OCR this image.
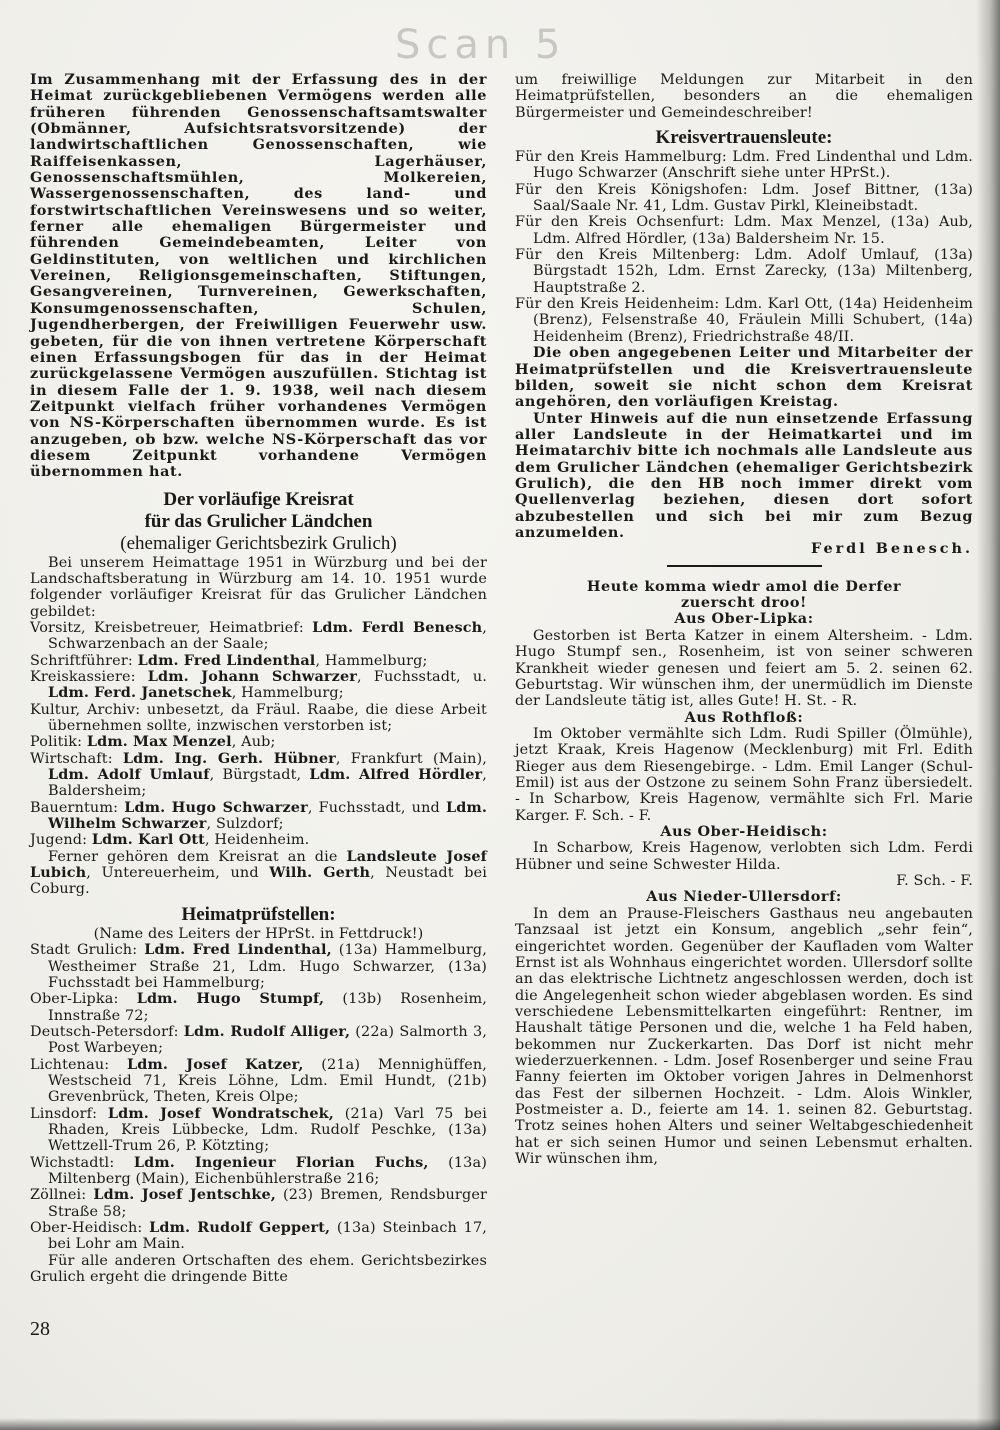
Scan 5

Im Zusammenhang mit der Erfassung des in der Heimat zurückgebliebenen Vermögens werden alle früheren führenden Genossenschaftsamtswalter (Obmänner, Aufsichtsratsvorsitzende) der landwirtschaftlichen Genossenschaften, wie Raiffeisenkassen, Lagerhäuser, Genossenschaftsmühlen, Molkereien, Wassergenossenschaften, des land- und forstwirtschaftlichen Vereinswesens und so weiter, ferner alle ehemaligen Bürgermeister und führenden Gemeindebeamten, Leiter von Geldinstituten, von weltlichen und kirchlichen Vereinen, Religionsgemeinschaften, Stiftungen, Gesangvereinen, Turnvereinen, Gewerkschaften, Konsumgenossenschaften, Schulen, Jugendherbergen, der Freiwilligen Feuerwehr usw. gebeten, für die von ihnen vertretene Körperschaft einen Erfassungsbogen für das in der Heimat zurückgelassene Vermögen auszufüllen. Stichtag ist in diesem Falle der 1. 9. 1938, weil nach diesem Zeitpunkt vielfach früher vorhandenes Vermögen von NS-Körperschaften übernommen wurde. Es ist anzugeben, ob bzw. welche NS-Körperschaft das vor diesem Zeitpunkt vorhandene Vermögen übernommen hat.

Der vorläufige Kreisrat
für das Grulicher Ländchen
(ehemaliger Gerichtsbezirk Grulich)

Bei unserem Heimattage 1951 in Würzburg und bei der Landschaftsberatung in Würzburg am 14. 10. 1951 wurde folgender vorläufiger Kreisrat für das Grulicher Ländchen gebildet:

Vorsitz, Kreisbetreuer, Heimatbrief: Ldm. Ferdl Benesch, Schwarzenbach an der Saale;

Schriftführer: Ldm. Fred Lindenthal, Hammelburg;

Kreiskassiere: Ldm. Johann Schwarzer, Fuchsstadt, u. Ldm. Ferd. Janetschek, Hammelburg;

Kultur, Archiv: unbesetzt, da Fräul. Raabe, die diese Arbeit übernehmen sollte, inzwischen verstorben ist;

Politik: Ldm. Max Menzel, Aub;

Wirtschaft: Ldm. Ing. Gerh. Hübner, Frankfurt (Main), Ldm. Adolf Umlauf, Bürgstadt, Ldm. Alfred Hördler, Baldersheim;

Bauerntum: Ldm. Hugo Schwarzer, Fuchsstadt, und Ldm. Wilhelm Schwarzer, Sulzdorf;

Jugend: Ldm. Karl Ott, Heidenheim.

Ferner gehören dem Kreisrat an die Landsleute Josef Lubich, Untereuerheim, und Wilh. Gerth, Neustadt bei Coburg.

Heimatprüfstellen:

(Name des Leiters der HPrSt. in Fettdruck!)

Stadt Grulich: Ldm. Fred Lindenthal, (13a) Hammelburg, Westheimer Straße 21, Ldm. Hugo Schwarzer, (13a) Fuchsstadt bei Hammelburg;

Ober-Lipka: Ldm. Hugo Stumpf, (13b) Rosenheim, Innstraße 72;

Deutsch-Petersdorf: Ldm. Rudolf Alliger, (22a) Salmorth 3, Post Warbeyen;

Lichtenau: Ldm. Josef Katzer, (21a) Mennighüffen, Westscheid 71, Kreis Löhne, Ldm. Emil Hundt, (21b) Grevenbrück, Theten, Kreis Olpe;

Linsdorf: Ldm. Josef Wondratschek, (21a) Varl 75 bei Rhaden, Kreis Lübbecke, Ldm. Rudolf Peschke, (13a) Wettzell-Trum 26, P. Kötzting;

Wichstadtl: Ldm. Ingenieur Florian Fuchs, (13a) Miltenberg (Main), Eichenbühlerstraße 216;

Zöllnei: Ldm. Josef Jentschke, (23) Bremen, Rendsburger Straße 58;

Ober-Heidisch: Ldm. Rudolf Geppert, (13a) Steinbach 17, bei Lohr am Main.

Für alle anderen Ortschaften des ehem. Gerichtsbezirkes Grulich ergeht die dringende Bitte

um freiwillige Meldungen zur Mitarbeit in den Heimatprüfstellen, besonders an die ehemaligen Bürgermeister und Gemeindeschreiber!

Kreisvertrauensleute:

Für den Kreis Hammelburg: Ldm. Fred Lindenthal und Ldm. Hugo Schwarzer (Anschrift siehe unter HPrSt.).

Für den Kreis Königshofen: Ldm. Josef Bittner, (13a) Saal/Saale Nr. 41, Ldm. Gustav Pirkl, Kleineibstadt.

Für den Kreis Ochsenfurt: Ldm. Max Menzel, (13a) Aub, Ldm. Alfred Hördler, (13a) Baldersheim Nr. 15.

Für den Kreis Miltenberg: Ldm. Adolf Umlauf, (13a) Bürgstadt 152h, Ldm. Ernst Zarecky, (13a) Miltenberg, Hauptstraße 2.

Für den Kreis Heidenheim: Ldm. Karl Ott, (14a) Heidenheim (Brenz), Felsenstraße 40, Fräulein Milli Schubert, (14a) Heidenheim (Brenz), Friedrichstraße 48/II.

Die oben angegebenen Leiter und Mitarbeiter der Heimatprüfstellen und die Kreisvertrauensleute bilden, soweit sie nicht schon dem Kreisrat angehören, den vorläufigen Kreistag.

Unter Hinweis auf die nun einsetzende Erfassung aller Landsleute in der Heimatkartei und im Heimatarchiv bitte ich nochmals alle Landsleute aus dem Grulicher Ländchen (ehemaliger Gerichtsbezirk Grulich), die den HB noch immer direkt vom Quellenverlag beziehen, diesen dort sofort abzubestellen und sich bei mir zum Bezug anzumelden.

Ferdl Benesch.

Heute komma wiedr amol die Derfer
zuerscht droo!
Aus Ober-Lipka:

Gestorben ist Berta Katzer in einem Altersheim. - Ldm. Hugo Stumpf sen., Rosenheim, ist von seiner schweren Krankheit wieder genesen und feiert am 5. 2. seinen 62. Geburtstag. Wir wünschen ihm, der unermüdlich im Dienste der Landsleute tätig ist, alles Gute! H. St. - R.

Aus Rothfloß:

Im Oktober vermählte sich Ldm. Rudi Spiller (Ölmühle), jetzt Kraak, Kreis Hagenow (Mecklenburg) mit Frl. Edith Rieger aus dem Riesengebirge. - Ldm. Emil Langer (Schul-Emil) ist aus der Ostzone zu seinem Sohn Franz übersiedelt. - In Scharbow, Kreis Hagenow, vermählte sich Frl. Marie Karger. F. Sch. - F.

Aus Ober-Heidisch:

In Scharbow, Kreis Hagenow, verlobten sich Ldm. Ferdi Hübner und seine Schwester Hilda.

F. Sch. - F.

Aus Nieder-Ullersdorf:

In dem an Prause-Fleischers Gasthaus neu angebauten Tanzsaal ist jetzt ein Konsum, angeblich „sehr fein“, eingerichtet worden. Gegenüber der Kaufladen vom Walter Ernst ist als Wohnhaus eingerichtet worden. Ullersdorf sollte an das elektrische Lichtnetz angeschlossen werden, doch ist die Angelegenheit schon wieder abgeblasen worden. Es sind verschiedene Lebensmittelkarten eingeführt: Rentner, im Haushalt tätige Personen und die, welche 1 ha Feld haben, bekommen nur Zuckerkarten. Das Dorf ist nicht mehr wiederzuerkennen. - Ldm. Josef Rosenberger und seine Frau Fanny feierten im Oktober vorigen Jahres in Delmenhorst das Fest der silbernen Hochzeit. - Ldm. Alois Winkler, Postmeister a. D., feierte am 14. 1. seinen 82. Geburtstag. Trotz seines hohen Alters und seiner Weltabgeschiedenheit hat er sich seinen Humor und seinen Lebensmut erhalten. Wir wünschen ihm,

28
